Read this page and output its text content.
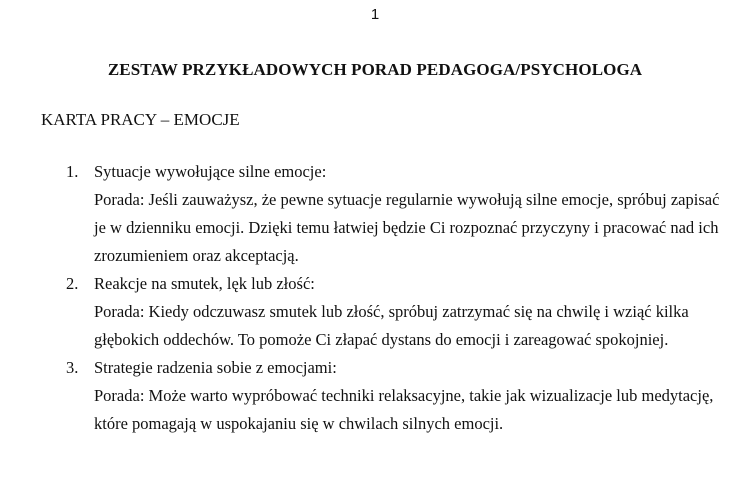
1
ZESTAW PRZYKŁADOWYCH PORAD PEDAGOGA/PSYCHOLOGA
KARTA PRACY – EMOCJE
1. Sytuacje wywołujące silne emocje:
Porada: Jeśli zauważysz, że pewne sytuacje regularnie wywołują silne emocje, spróbuj zapisać je w dzienniku emocji. Dzięki temu łatwiej będzie Ci rozpoznać przyczyny i pracować nad ich zrozumieniem oraz akceptacją.
2. Reakcje na smutek, lęk lub złość:
Porada: Kiedy odczuwasz smutek lub złość, spróbuj zatrzymać się na chwilę i wziąć kilka głębokich oddechów. To pomoże Ci złapać dystans do emocji i zareagować spokojniej.
3. Strategie radzenia sobie z emocjami:
Porada: Może warto wypróbować techniki relaksacyjne, takie jak wizualizacje lub medytację, które pomagają w uspokajaniu się w chwilach silnych emocji.
